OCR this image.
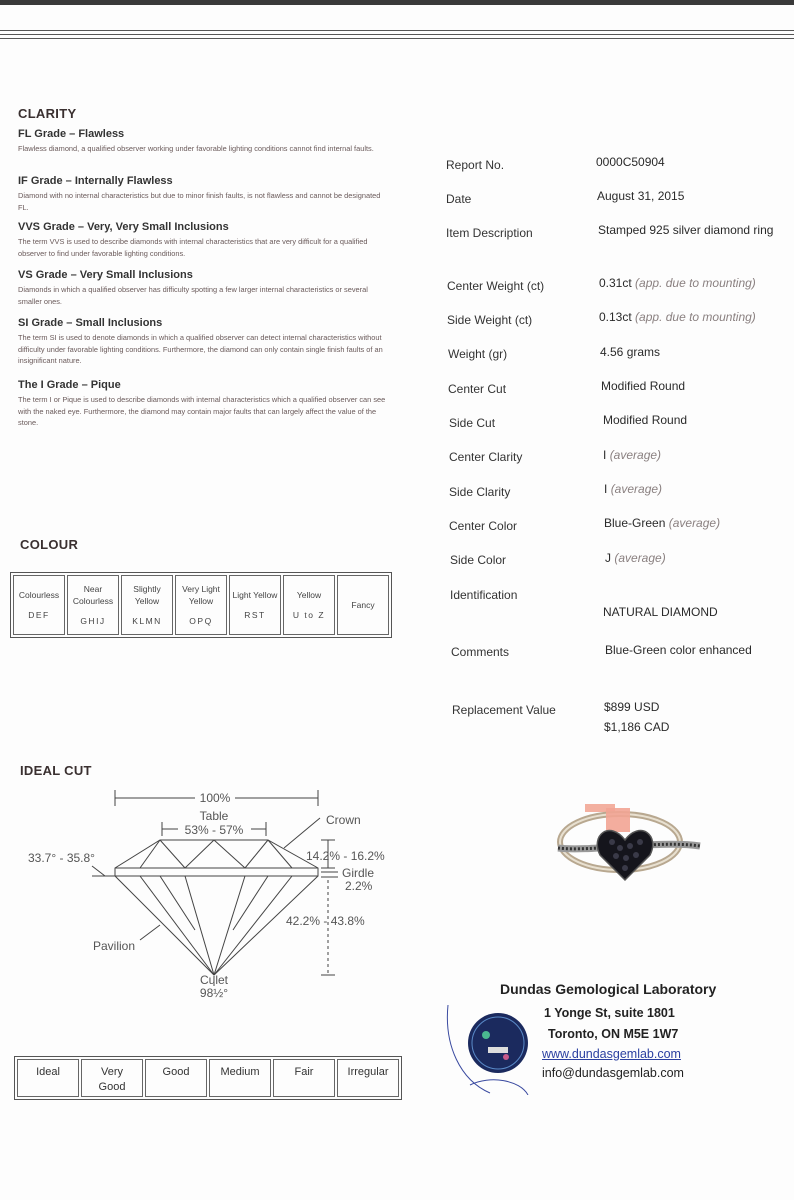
CLARITY
FL Grade – Flawless

Flawless diamond, a qualified observer working under favorable lighting conditions cannot find internal faults.

IF Grade – Internally Flawless

Diamond with no internal characteristics but due to minor finish faults, is not flawless and cannot be designated FL.

VVS Grade – Very, Very Small Inclusions

The term VVS is used to describe diamonds with internal characteristics that are very difficult for a qualified observer to find under favorable lighting conditions.

VS Grade – Very Small Inclusions

Diamonds in which a qualified observer has difficulty spotting a few larger internal characteristics or several smaller ones.

SI Grade – Small Inclusions

The term SI is used to denote diamonds in which a qualified observer can detect internal characteristics without difficulty under favorable lighting conditions. Furthermore, the diamond can only contain single finish faults of an insignificant nature.

The I Grade – Pique

The term I or Pique is used to describe diamonds with internal characteristics which a qualified observer can see with the naked eye. Furthermore, the diamond may contain major faults that can largely affect the value of the stone.

COLOUR
Colourless
DEF
	Near Colourless
GHIJ
	Slightly Yellow
KLMN
	Very Light Yellow
OPQ
	Light Yellow
RST
	Yellow
U to Z
	Fancy
IDEAL CUT
100%
Table
53% - 57%
Crown
33.7° - 35.8°	14.2% - 16.2%
Girdle
2.2%
42.2% - 43.8%
Pavilion
Culet
98½°
Ideal	Very Good	Good	Medium	Fair	Irregular
Report No.	0000C50904
Date	August 31, 2015
Item Description	Stamped 925 silver diamond ring
Center Weight (ct)	0.31ct (app. due to mounting)
Side Weight (ct)	0.13ct (app. due to mounting)
Weight (gr)	4.56 grams
Center Cut	Modified Round
Side Cut	Modified Round
Center Clarity	I (average)
Side Clarity	I (average)
Center Color	Blue-Green (average)
Side Color	J (average)
Identification
NATURAL DIAMOND
Comments	Blue-Green color enhanced
Replacement Value	$899 USD
$1,186 CAD
Dundas Gemological Laboratory
1 Yonge St, suite 1801
Toronto, ON M5E 1W7
www.dundasgemlab.com
info@dundasgemlab.com
